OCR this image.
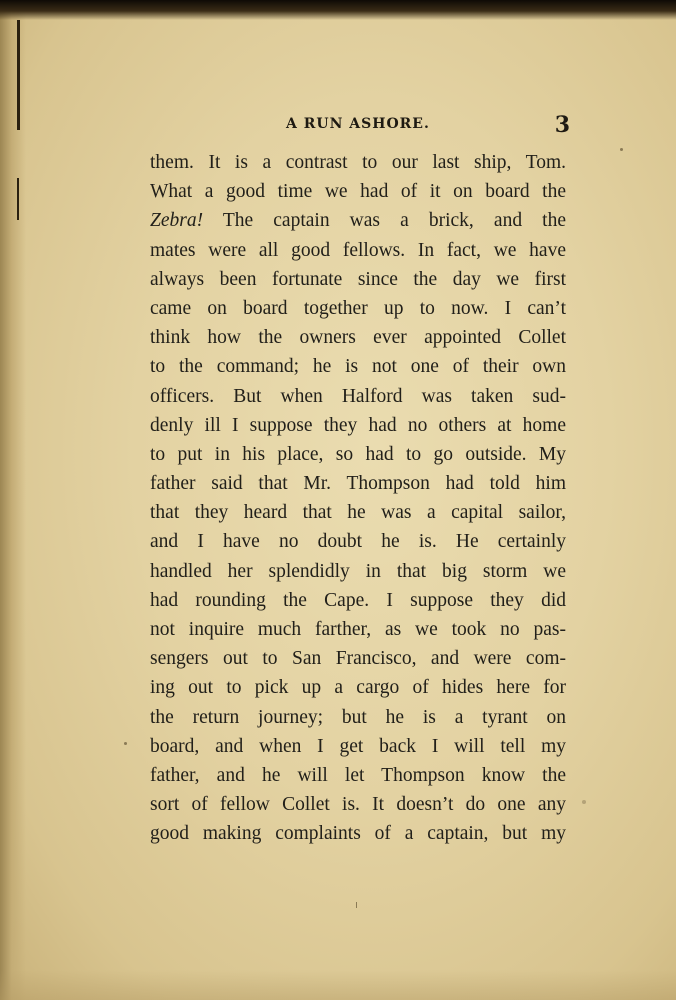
A RUN ASHORE.	3
them. It is a contrast to our last ship, Tom.
What a good time we had of it on board the
Zebra! The captain was a brick, and the
mates were all good fellows. In fact, we have
always been fortunate since the day we first
came on board together up to now. I can’t
think how the owners ever appointed Collet
to the command; he is not one of their own
officers. But when Halford was taken sud-
denly ill I suppose they had no others at home
to put in his place, so had to go outside. My
father said that Mr. Thompson had told him
that they heard that he was a capital sailor,
and I have no doubt he is. He certainly
handled her splendidly in that big storm we
had rounding the Cape. I suppose they did
not inquire much farther, as we took no pas-
sengers out to San Francisco, and were com-
ing out to pick up a cargo of hides here for
the return journey; but he is a tyrant on
board, and when I get back I will tell my
father, and he will let Thompson know the
sort of fellow Collet is. It doesn’t do one any
good making complaints of a captain, but my
